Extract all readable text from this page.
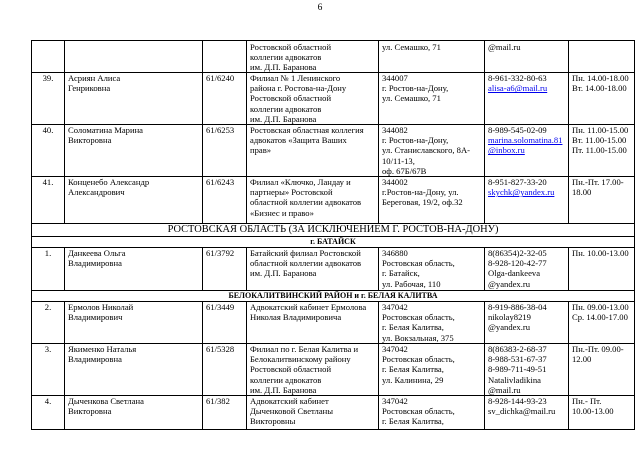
6

			Ростовской областной
коллегии адвокатов
им. Д.П. Баранова	ул. Семашко, 71	@mail.ru	

39.	Асриян Алиса
Генриковна	61/6240	Филиал № 1 Ленинского
района г. Ростова-на-Дону
Ростовской областной
коллегии адвокатов
им. Д.П. Баранова	344007
г. Ростов-на-Дону,
ул. Семашко, 71	8-961-332-80-63
alisa-a6@mail.ru	Пн. 14.00-18.00
Вт. 14.00-18.00

40.	Соломатина Марина
Викторовна	61/6253	Ростовская областная коллегия
адвокатов «Защита Ваших
прав»	344082
г. Ростов-на-Дону,
ул. Станиславского, 8А-
10/11-13,
оф. 67Б/67В	8-989-545-02-09
marina.solomatina.81
@inbox.ru	Пн. 11.00-15.00
Вт. 11.00-15.00
Пт. 11.00-15.00

41.	Конценебо Александр
Александрович	61/6243	Филиал «Ключко, Ландау и
партнеры» Ростовской
областной коллегии адвокатов
«Бизнес и право»	344002
г.Ростов-на-Дону, ул.
Береговая, 19/2, оф.32	8-951-827-33-20
skychk@yandex.ru	Пн.-Пт. 17.00-
18.00

РОСТОВСКАЯ ОБЛАСТЬ (ЗА ИСКЛЮЧЕНИЕМ Г. РОСТОВ-НА-ДОНУ)						
г. БАТАЙСК						
1.	Данкеева Ольга
Владимировна	61/3792	Батайский филиал Ростовской
областной коллегии адвокатов
им. Д.П. Баранова	346880
Ростовская область,
г. Батайск,
ул. Рабочая, 110	8(86354)2-32-05
8-928-120-42-77
Olga-dankeeva
@yandex.ru	Пн. 10.00-13.00

БЕЛОКАЛИТВИНСКИЙ РАЙОН и г. БЕЛАЯ КАЛИТВА						
2.	Ермолов Николай
Владимирович	61/3449	Адвокатский кабинет Ермолова
Николая Владимировича	347042
Ростовская область,
г. Белая Калитва,
ул. Вокзальная, 375	8-919-886-38-04
nikolay8219
@yandex.ru	Пн. 09.00-13.00
Ср. 14.00-17.00

3.	Якименко Наталья
Владимировна	61/5328	Филиал по г. Белая Калитва и
Белокалитвинскому району
Ростовской областной
коллегии адвокатов
им. Д.П. Баранова	347042
Ростовская область,
г. Белая Калитва,
ул. Калинина, 29	8(86383-2-68-37
8-988-531-67-37
8-989-711-49-51
Natalivladikina
@mail.ru	Пн.-Пт. 09.00-
12.00

4.	Дыченкова Светлана
Викторовна	61/382	Адвокатский кабинет
Дыченковой Светланы
Викторовны	347042
Ростовская область,
г. Белая Калитва,	8-928-144-93-23
sv_dichka@mail.ru	Пн.- Пт.
10.00-13.00
